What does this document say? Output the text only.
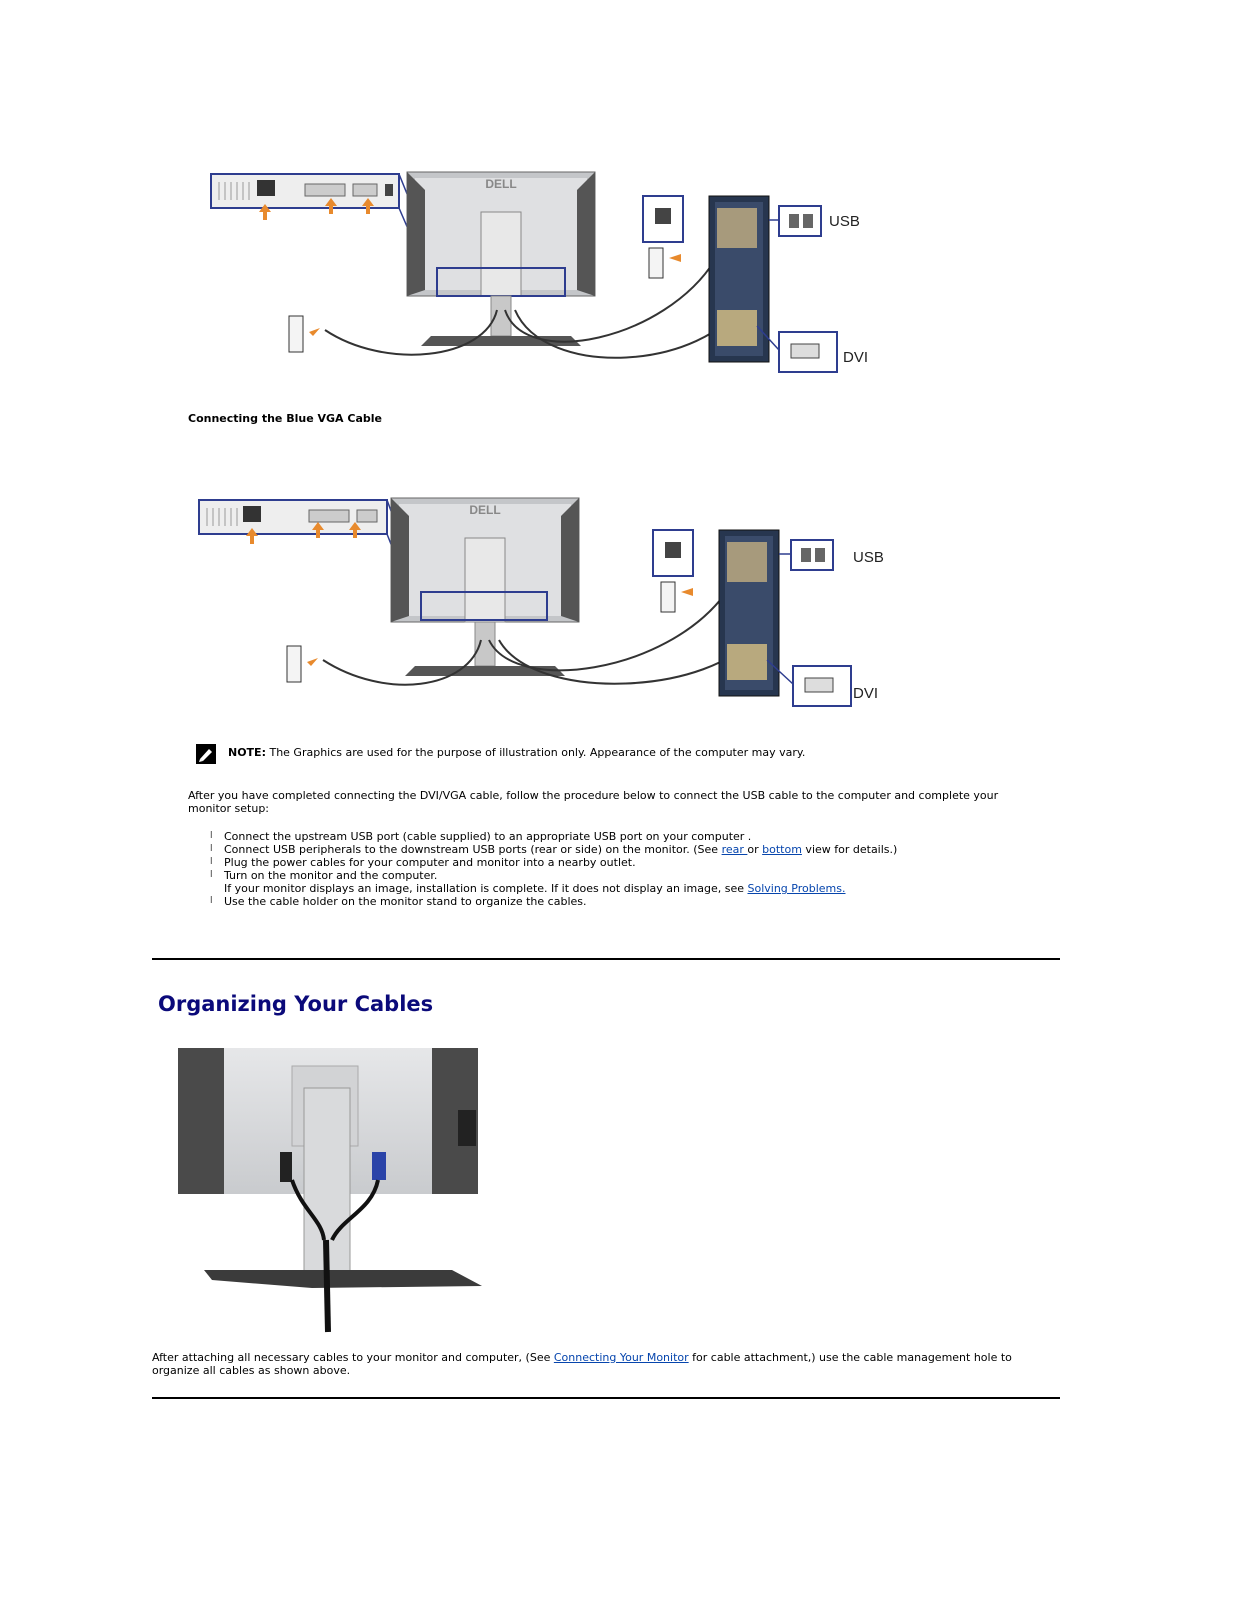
DELL
USB
DVI
Connecting the Blue VGA Cable
DELL
USB
DVI
NOTE: The Graphics are used for the purpose of illustration only. Appearance of the computer may vary.
After you have completed connecting the DVI/VGA cable, follow the procedure below to connect the USB cable to the computer and complete your monitor setup:
l Connect the upstream USB port (cable supplied) to an appropriate USB port on your computer .
l Connect USB peripherals to the downstream USB ports (rear or side) on the monitor. (See rear or bottom view for details.)
l Plug the power cables for your computer and monitor into a nearby outlet.
l Turn on the monitor and the computer.
If your monitor displays an image, installation is complete. If it does not display an image, see Solving Problems.
l Use the cable holder on the monitor stand to organize the cables.
Organizing Your Cables
After attaching all necessary cables to your monitor and computer, (See Connecting Your Monitor for cable attachment,) use the cable management hole to organize all cables as shown above.
